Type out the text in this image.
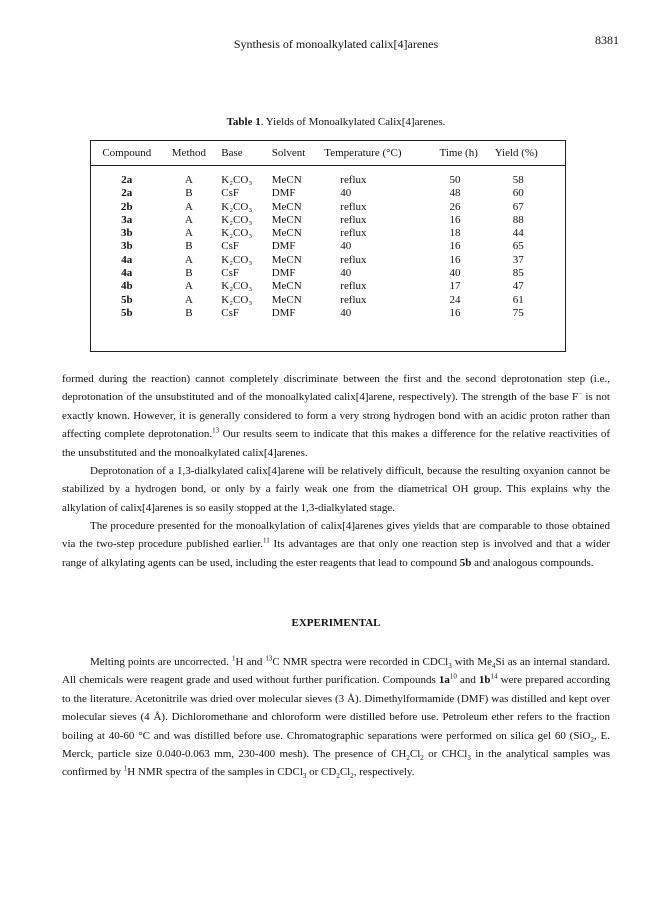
8381
Synthesis of monoalkylated calix[4]arenes
Table 1. Yields of Monoalkylated Calix[4]arenes.
Compound	Method	Base	Solvent	Temperature (°C)	Time (h)	Yield (%)
2a	A	K₂CO₃	MeCN	reflux	50	58
2a	B	CsF	DMF	40	48	60
2b	A	K₂CO₃	MeCN	reflux	26	67
3a	A	K₂CO₃	MeCN	reflux	16	88
3b	A	K₂CO₃	MeCN	reflux	18	44
3b	B	CsF	DMF	40	16	65
4a	A	K₂CO₃	MeCN	reflux	16	37
4a	B	CsF	DMF	40	40	85
4b	A	K₂CO₃	MeCN	reflux	17	47
5b	A	K₂CO₃	MeCN	reflux	24	61
5b	B	CsF	DMF	40	16	75

formed during the reaction) cannot completely discriminate between the first and the second deprotonation step (i.e., deprotonation of the unsubstituted and of the monoalkylated calix[4]arene, respectively). The strength of the base F− is not exactly known. However, it is generally considered to form a very strong hydrogen bond with an acidic proton rather than affecting complete deprotonation.$^{13}$ Our results seem to indicate that this makes a difference for the relative reactivities of the unsubstituted and the monoalkylated calix[4]arenes.

Deprotonation of a 1,3-dialkylated calix[4]arene will be relatively difficult, because the resulting oxyanion cannot be stabilized by a hydrogen bond, or only by a fairly weak one from the diametrical OH group. This explains why the alkylation of calix[4]arenes is so easily stopped at the 1,3-dialkylated stage.

The procedure presented for the monoalkylation of calix[4]arenes gives yields that are comparable to those obtained via the two-step procedure published earlier.$^{11}$ Its advantages are that only one reaction step is involved and that a wider range of alkylating agents can be used, including the ester reagents that lead to compound 5b and analogous compounds.

EXPERIMENTAL

Melting points are uncorrected. $^1$H and $^{13}$C NMR spectra were recorded in CDCl$_3$ with $Me_4Si$ as an internal standard. All chemicals were reagent grade and used without further purification. Compounds $1a^{10}$ and $1b^{14}$ were prepared according to the literature. Acetonitrile was dried over molecular sieves (3 Å). Dimethylformamide (DMF) was distilled and kept over molecular sieves (4 Å). Dichloromethane and chloroform were distilled before use. Petroleum ether refers to the fraction boiling at 40-60 °C and was distilled before use. Chromatographic separations were performed on silica gel 60 (SiO$_2$, E. Merck, particle size 0.040-0.063 mm, 230-400 mesh). The presence of $CH_2Cl_2$ or CHCl$_3$ in the analytical samples was confirmed by $^1$H NMR spectra of the samples in CDCl$_3$ or $CD_2Cl_2$, respectively.
